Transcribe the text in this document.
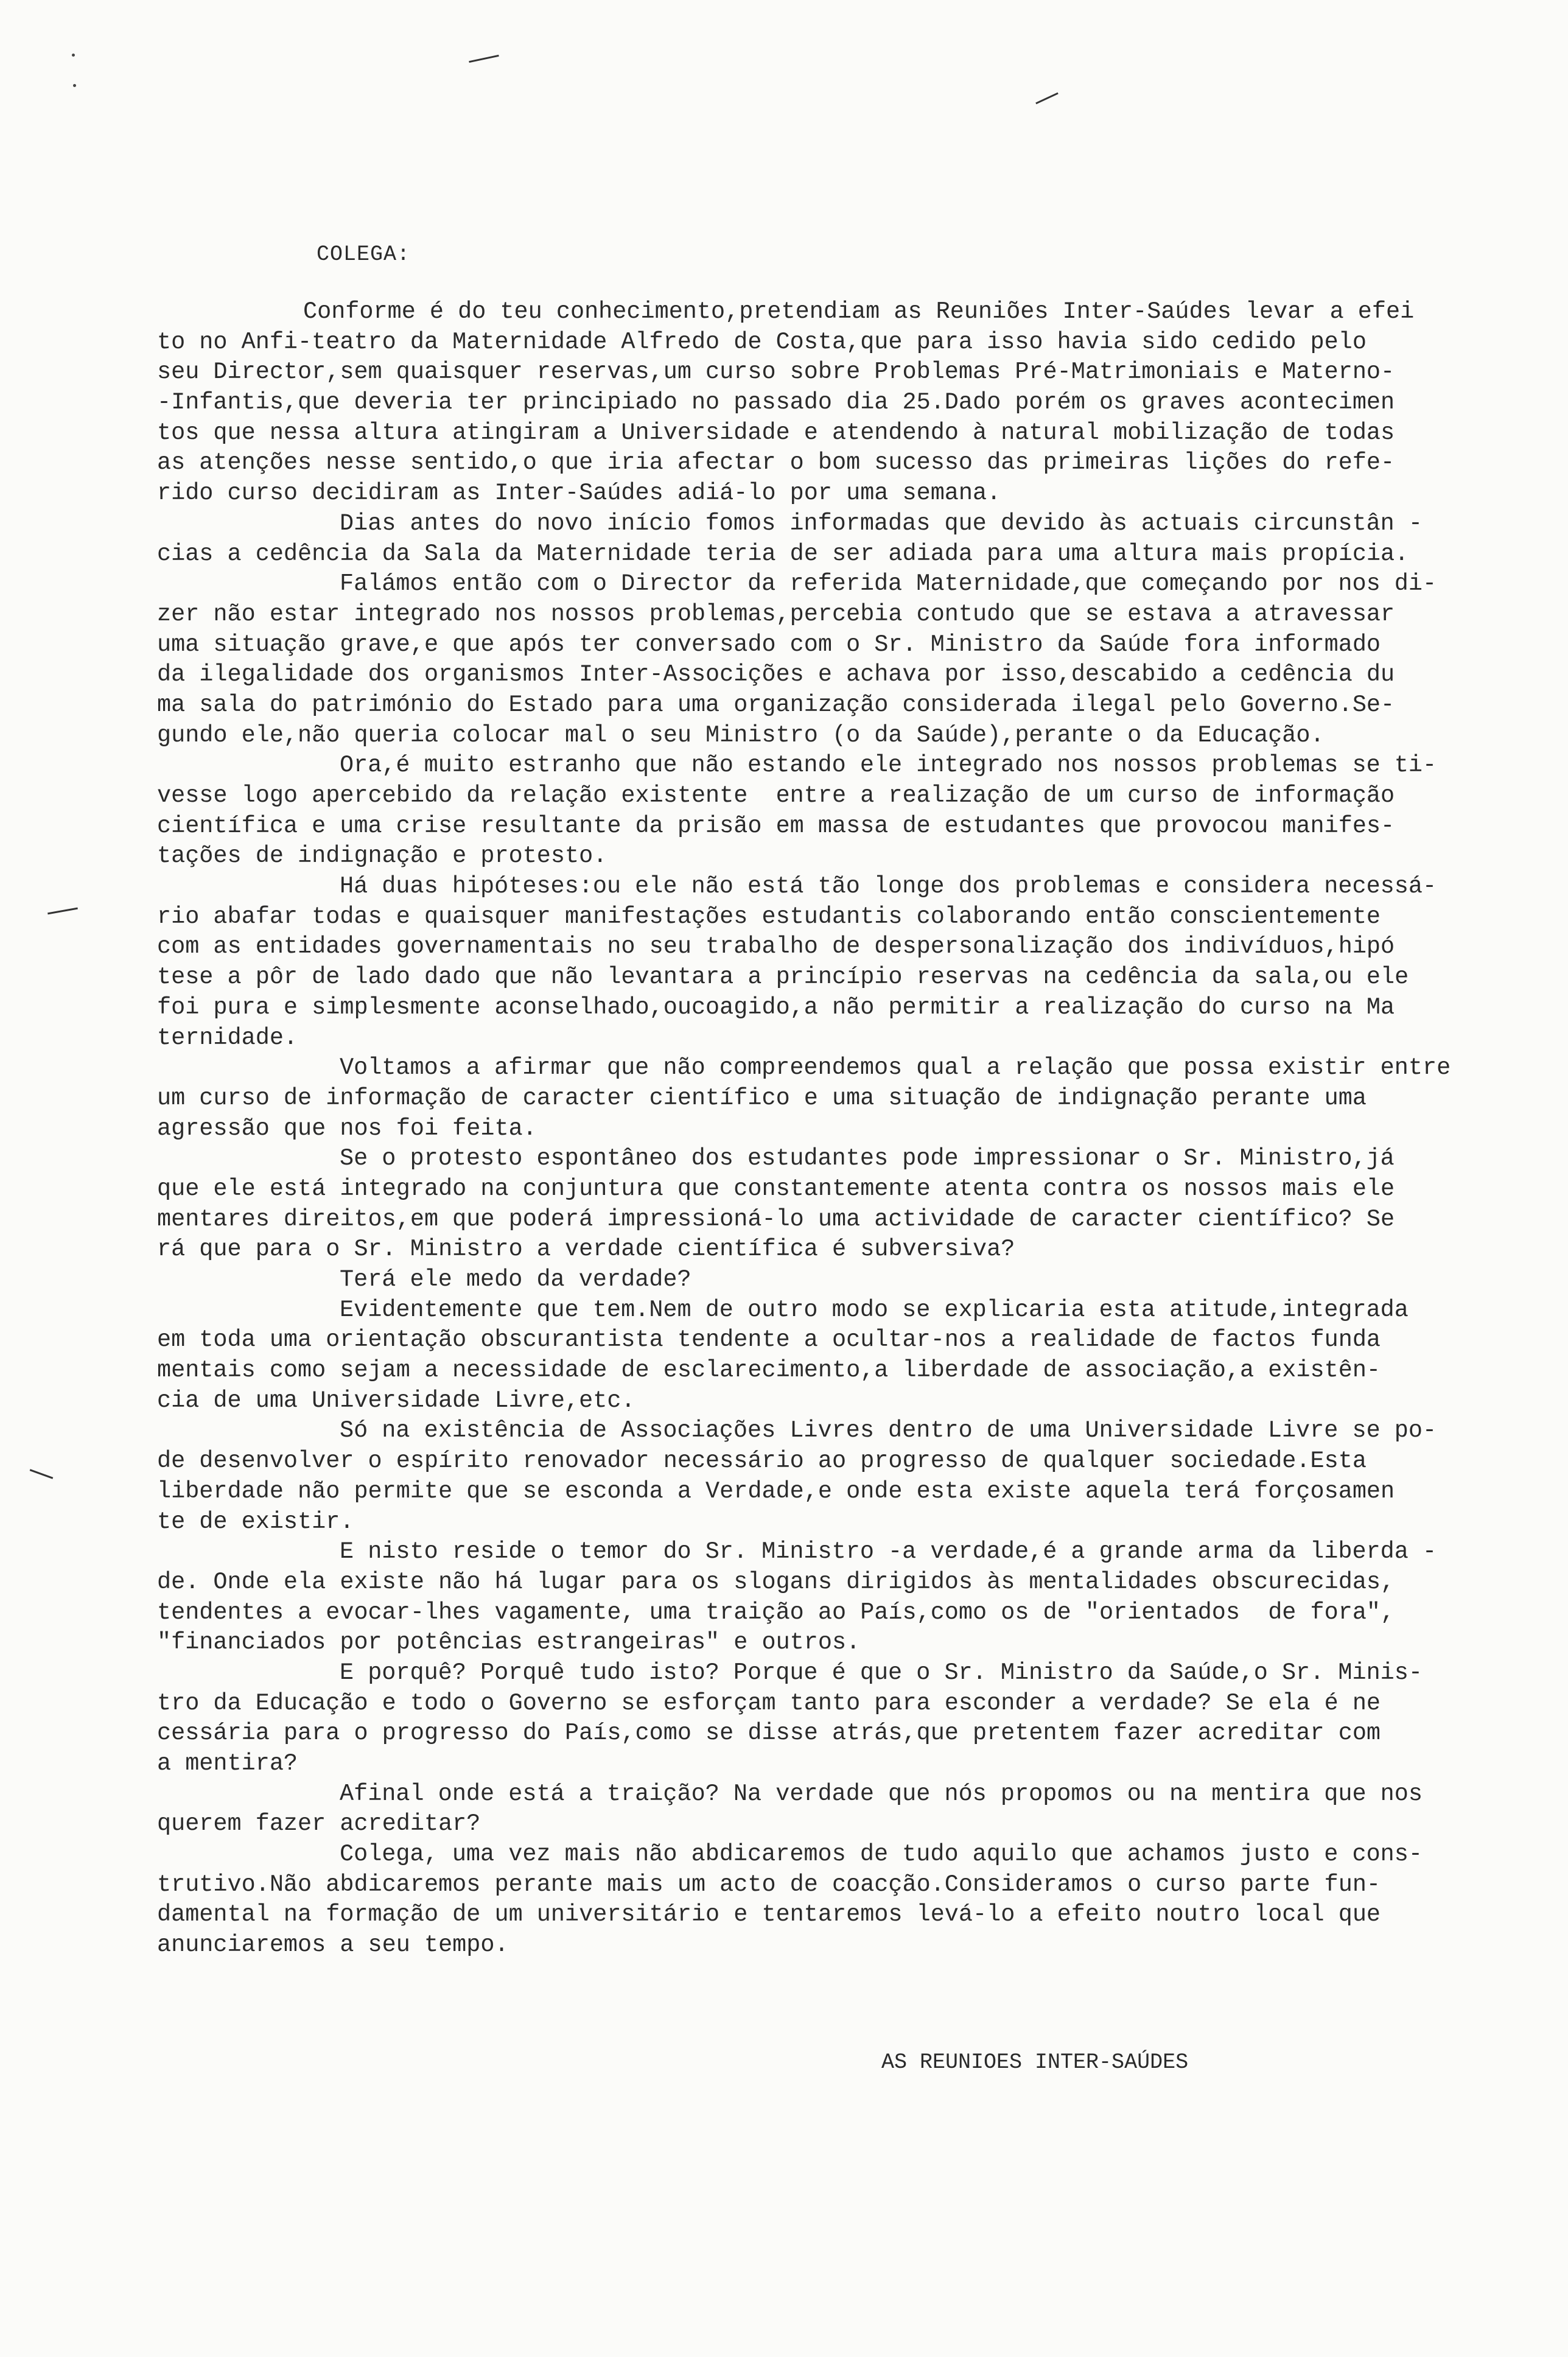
COLEGA:
Conforme é do teu conhecimento,pretendiam as Reuniões Inter-Saúdes levar a efei
to no Anfi-teatro da Maternidade Alfredo de Costa,que para isso havia sido cedido pelo
seu Director,sem quaisquer reservas,um curso sobre Problemas Pré-Matrimoniais e Materno-
-Infantis,que deveria ter principiado no passado dia 25.Dado porém os graves acontecimen
tos que nessa altura atingiram a Universidade e atendendo à natural mobilização de todas
as atenções nesse sentido,o que iria afectar o bom sucesso das primeiras lições do refe-
rido curso decidiram as Inter-Saúdes adiá-lo por uma semana.
Dias antes do novo início fomos informadas que devido às actuais circunstân -
cias a cedência da Sala da Maternidade teria de ser adiada para uma altura mais propícia.
Falámos então com o Director da referida Maternidade,que começando por nos di-
zer não estar integrado nos nossos problemas,percebia contudo que se estava a atravessar
uma situação grave,e que após ter conversado com o Sr. Ministro da Saúde fora informado
da ilegalidade dos organismos Inter-Associções e achava por isso,descabido a cedência du
ma sala do património do Estado para uma organização considerada ilegal pelo Governo.Se-
gundo ele,não queria colocar mal o seu Ministro (o da Saúde),perante o da Educação.
Ora,é muito estranho que não estando ele integrado nos nossos problemas se ti-
vesse logo apercebido da relação existente  entre a realização de um curso de informação
científica e uma crise resultante da prisão em massa de estudantes que provocou manifes-
tações de indignação e protesto.
Há duas hipóteses:ou ele não está tão longe dos problemas e considera necessá-
rio abafar todas e quaisquer manifestações estudantis colaborando então conscientemente
com as entidades governamentais no seu trabalho de despersonalização dos indivíduos,hipó
tese a pôr de lado dado que não levantara a princípio reservas na cedência da sala,ou ele
foi pura e simplesmente aconselhado,oucoagido,a não permitir a realização do curso na Ma
ternidade.
Voltamos a afirmar que não compreendemos qual a relação que possa existir entre
um curso de informação de caracter científico e uma situação de indignação perante uma
agressão que nos foi feita.
Se o protesto espontâneo dos estudantes pode impressionar o Sr. Ministro,já
que ele está integrado na conjuntura que constantemente atenta contra os nossos mais ele
mentares direitos,em que poderá impressioná-lo uma actividade de caracter científico? Se
rá que para o Sr. Ministro a verdade científica é subversiva?
Terá ele medo da verdade?
Evidentemente que tem.Nem de outro modo se explicaria esta atitude,integrada
em toda uma orientação obscurantista tendente a ocultar-nos a realidade de factos funda
mentais como sejam a necessidade de esclarecimento,a liberdade de associação,a existên-
cia de uma Universidade Livre,etc.
Só na existência de Associações Livres dentro de uma Universidade Livre se po-
de desenvolver o espírito renovador necessário ao progresso de qualquer sociedade.Esta
liberdade não permite que se esconda a Verdade,e onde esta existe aquela terá forçosamen
te de existir.
E nisto reside o temor do Sr. Ministro -a verdade,é a grande arma da liberda -
de. Onde ela existe não há lugar para os slogans dirigidos às mentalidades obscurecidas,
tendentes a evocar-lhes vagamente, uma traição ao País,como os de "orientados  de fora",
"financiados por potências estrangeiras" e outros.
E porquê? Porquê tudo isto? Porque é que o Sr. Ministro da Saúde,o Sr. Minis-
tro da Educação e todo o Governo se esforçam tanto para esconder a verdade? Se ela é ne
cessária para o progresso do País,como se disse atrás,que pretentem fazer acreditar com
a mentira?
Afinal onde está a traição? Na verdade que nós propomos ou na mentira que nos
querem fazer acreditar?
Colega, uma vez mais não abdicaremos de tudo aquilo que achamos justo e cons-
trutivo.Não abdicaremos perante mais um acto de coacção.Consideramos o curso parte fun-
damental na formação de um universitário e tentaremos levá-lo a efeito noutro local que
anunciaremos a seu tempo.
AS REUNIOES INTER-SAÚDES
